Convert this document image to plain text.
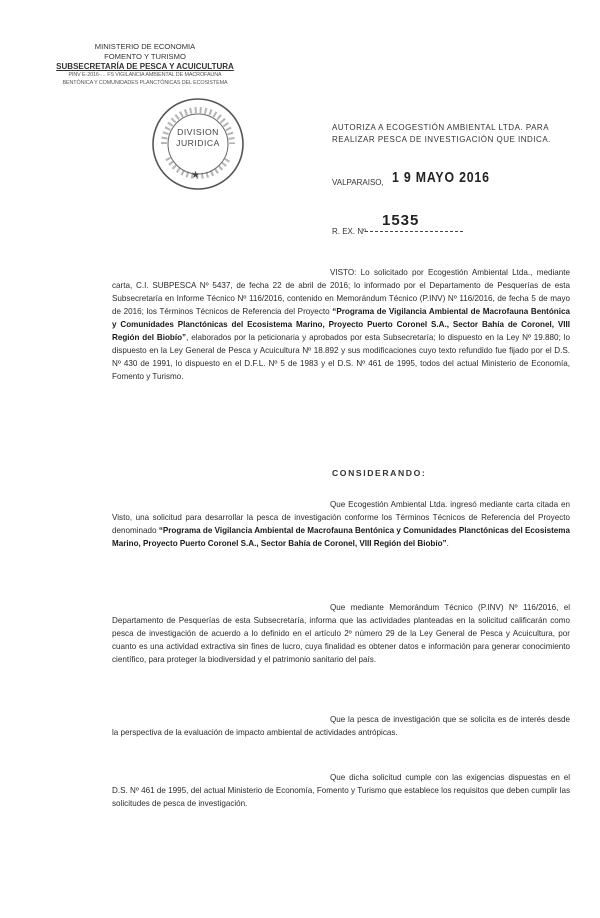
MINISTERIO DE ECONOMIA
FOMENTO Y TURISMO
SUBSECRETARÍA DE PESCA Y ACUICULTURA
PINV E-2016-… FS VIGILANCIA AMBIENTAL DE MACROFAUNA
BENTÓNICA Y COMUNIDADES PLANCTÓNICAS DEL ECOSISTEMA
DIVISION
JURIDICA
★
AUTORIZA A ECOGESTIÓN AMBIENTAL LTDA. PARA REALIZAR PESCA DE INVESTIGACIÓN QUE INDICA.
VALPARAISO, 1 9 MAYO 2016
R. EX. Nº
1535
VISTO: Lo solicitado por Ecogestión Ambiental Ltda., mediante carta, C.I. SUBPESCA Nº 5437, de fecha 22 de abril de 2016; lo informado por el Departamento de Pesquerías de esta Subsecretaría en Informe Técnico Nº 116/2016, contenido en Memorándum Técnico (P.INV) Nº 116/2016, de fecha 5 de mayo de 2016; los Términos Técnicos de Referencia del Proyecto “Programa de Vigilancia Ambiental de Macrofauna Bentónica y Comunidades Planctónicas del Ecosistema Marino, Proyecto Puerto Coronel S.A., Sector Bahía de Coronel, VIII Región del Biobío”, elaborados por la peticionaria y aprobados por esta Subsecretaría; lo dispuesto en la Ley Nº 19.880; lo dispuesto en la Ley General de Pesca y Acuicultura Nº 18.892 y sus modificaciones cuyo texto refundido fue fijado por el D.S. Nº 430 de 1991, lo dispuesto en el D.F.L. Nº 5 de 1983 y el D.S. Nº 461 de 1995, todos del actual Ministerio de Economía, Fomento y Turismo.
CONSIDERANDO:
Que Ecogestión Ambiental Ltda. ingresó mediante carta citada en Visto, una solicitud para desarrollar la pesca de investigación conforme los Términos Técnicos de Referencia del Proyecto denominado “Programa de Vigilancia Ambiental de Macrofauna Bentónica y Comunidades Planctónicas del Ecosistema Marino, Proyecto Puerto Coronel S.A., Sector Bahía de Coronel, VIII Región del Biobío”.
Que mediante Memorándum Técnico (P.INV) Nº 116/2016, el Departamento de Pesquerías de esta Subsecretaría, informa que las actividades planteadas en la solicitud calificarán como pesca de investigación de acuerdo a lo definido en el artículo 2º número 29 de la Ley General de Pesca y Acuicultura, por cuanto es una actividad extractiva sin fines de lucro, cuya finalidad es obtener datos e información para generar conocimiento científico, para proteger la biodiversidad y el patrimonio sanitario del país.
Que la pesca de investigación que se solicita es de interés desde la perspectiva de la evaluación de impacto ambiental de actividades antrópicas.
Que dicha solicitud cumple con las exigencias dispuestas en el D.S. Nº 461 de 1995, del actual Ministerio de Economía, Fomento y Turismo que establece los requisitos que deben cumplir las solicitudes de pesca de investigación.
